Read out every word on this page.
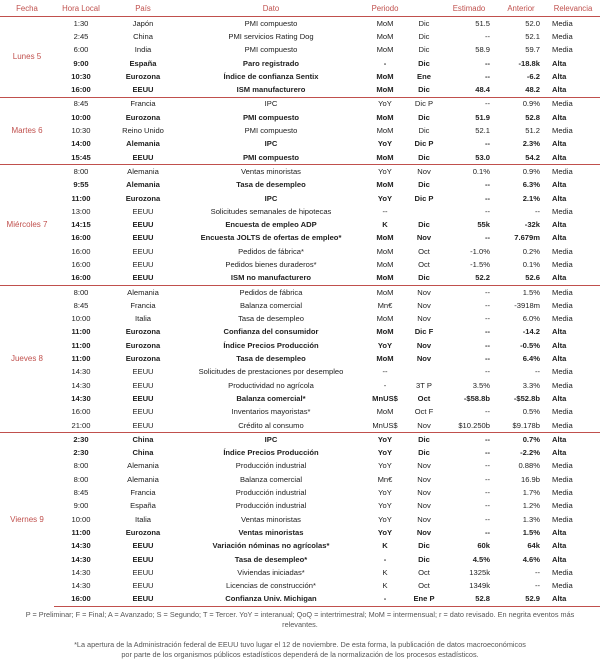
Fecha	Hora Local	País	Dato	Periodo		Estimado	Anterior	Relevancia
Lunes 5	1:30	Japón	PMI compuesto	MoM	Dic	51.5	52.0	Media
	2:45	China	PMI servicios Rating Dog	MoM	Dic	--	52.1	Media
	6:00	India	PMI compuesto	MoM	Dic	58.9	59.7	Media
	9:00	España	Paro registrado	-	Dic	--	-18.8k	Alta
	10:30	Eurozona	Índice de confianza Sentix	MoM	Ene	--	-6.2	Alta
	16:00	EEUU	ISM manufacturero	MoM	Dic	48.4	48.2	Alta
Martes 6	8:45	Francia	IPC	YoY	Dic P	--	0.9%	Media
	10:00	Eurozona	PMI compuesto	MoM	Dic	51.9	52.8	Alta
	10:30	Reino Unido	PMI compuesto	MoM	Dic	52.1	51.2	Media
	14:00	Alemania	IPC	YoY	Dic P	--	2.3%	Alta
	15:45	EEUU	PMI compuesto	MoM	Dic	53.0	54.2	Alta
Miércoles 7	8:00	Alemania	Ventas minoristas	YoY	Nov	0.1%	0.9%	Media
	9:55	Alemania	Tasa de desempleo	MoM	Dic	--	6.3%	Alta
	11:00	Eurozona	IPC	YoY	Dic P	--	2.1%	Alta
	13:00	EEUU	Solicitudes semanales de hipotecas	--		--	--	Media
	14:15	EEUU	Encuesta de empleo ADP	K	Dic	55k	-32k	Alta
	16:00	EEUU	Encuesta JOLTS de ofertas de empleo*	MoM	Nov	--	7.679m	Alta
	16:00	EEUU	Pedidos de fábrica*	MoM	Oct	-1.0%	0.2%	Media
	16:00	EEUU	Pedidos bienes duraderos*	MoM	Oct	-1.5%	0.1%	Media
	16:00	EEUU	ISM no manufacturero	MoM	Dic	52.2	52.6	Alta
Jueves 8	8:00	Alemania	Pedidos de fábrica	MoM	Nov	--	1.5%	Media
	8:45	Francia	Balanza comercial	Mn€	Nov	--	-3918m	Media
	10:00	Italia	Tasa de desempleo	MoM	Nov	--	6.0%	Media
	11:00	Eurozona	Confianza del consumidor	MoM	Dic F	--	-14.2	Alta
	11:00	Eurozona	Índice Precios Producción	YoY	Nov	--	-0.5%	Alta
	11:00	Eurozona	Tasa de desempleo	MoM	Nov	--	6.4%	Alta
	14:30	EEUU	Solicitudes de prestaciones por desempleo	--		--	--	Media
	14:30	EEUU	Productividad no agrícola	-	3T P	3.5%	3.3%	Media
	14:30	EEUU	Balanza comercial*	MnUS$	Oct	-$58.8b	-$52.8b	Alta
	16:00	EEUU	Inventarios mayoristas*	MoM	Oct F	--	0.5%	Media
	21:00	EEUU	Crédito al consumo	MnUS$	Nov	$10.250b	$9.178b	Media
Viernes 9	2:30	China	IPC	YoY	Dic	--	0.7%	Alta
	2:30	China	Índice Precios Producción	YoY	Dic	--	-2.2%	Alta
	8:00	Alemania	Producción industrial	YoY	Nov	--	0.88%	Media
	8:00	Alemania	Balanza comercial	Mn€	Nov	--	16.9b	Media
	8:45	Francia	Producción industrial	YoY	Nov	--	1.7%	Media
	9:00	España	Producción industrial	YoY	Nov	--	1.2%	Media
	10:00	Italia	Ventas minoristas	YoY	Nov	--	1.3%	Media
	11:00	Eurozona	Ventas minoristas	YoY	Nov	--	1.5%	Alta
	14:30	EEUU	Variación nóminas no agrícolas*	K	Dic	60k	64k	Alta
	14:30	EEUU	Tasa de desempleo*	-	Dic	4.5%	4.6%	Alta
	14:30	EEUU	Viviendas iniciadas*	K	Oct	1325k	--	Media
	14:30	EEUU	Licencias de construcción*	K	Oct	1349k	--	Media
	16:00	EEUU	Confianza Univ. Michigan	-	Ene P	52.8	52.9	Alta
P = Preliminar; F = Final; A = Avanzado; S = Segundo; T = Tercer. YoY = interanual; QoQ = intertrimestral; MoM = intermensual; r = dato revisado. En negrita eventos más relevantes.
*La apertura de la Administración federal de EEUU tuvo lugar el 12 de noviembre. De esta forma, la publicación de datos macroeconómicos por parte de los organismos públicos estadísticos dependerá de la normalización de los procesos estadísticos.
